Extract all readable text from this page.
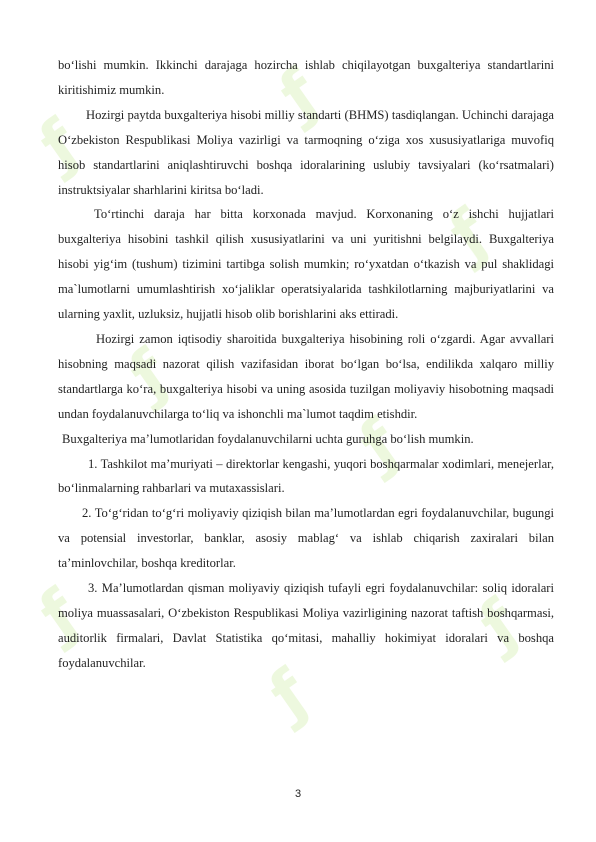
ƒ
ƒ
ƒ
ƒ
ƒ
ƒ
ƒ
ƒ

bo‘lishi mumkin. Ikkinchi darajaga hozircha ishlab chiqilayotgan buxgalteriya standartlarini kiritishimiz mumkin.

Hozirgi paytda buxgalteriya hisobi milliy standarti (BHMS) tasdiqlangan. Uchinchi darajaga O‘zbekiston Respublikasi Moliya vazirligi va tarmoqning o‘ziga xos xususiyatlariga muvofiq hisob standartlarini aniqlashtiruvchi boshqa idoralarining uslubiy tavsiyalari (ko‘rsatmalari) instruktsiyalar sharhlarini kiritsa bo‘ladi.

To‘rtinchi daraja har bitta korxonada mavjud. Korxonaning o‘z ishchi hujjatlari buxgalteriya hisobini tashkil qilish xususiyatlarini va uni yuritishni belgilaydi. Buxgalteriya hisobi yig‘im (tushum) tizimini tartibga solish mumkin; ro‘yxatdan o‘tkazish va pul shaklidagi ma`lumotlarni umumlashtirish xo‘jaliklar operatsiyalarida tashkilotlarning majburiyatlarini va ularning yaxlit, uzluksiz, hujjatli hisob olib borishlarini aks ettiradi.

Hozirgi zamon iqtisodiy sharoitida buxgalteriya hisobining roli o‘zgardi. Agar avvallari hisobning maqsadi nazorat qilish vazifasidan iborat bo‘lgan bo‘lsa, endilikda xalqaro milliy standartlarga ko‘ra, buxgalteriya hisobi va uning asosida tuzilgan moliyaviy hisobotning maqsadi undan foydalanuvchilarga to‘liq va ishonchli ma`lumot taqdim etishdir.

Buxgalteriya ma’lumotlaridan foydalanuvchilarni uchta guruhga bo‘lish mumkin.

1. Tashkilot ma’muriyati – direktorlar kengashi, yuqori boshqarmalar xodimlari, menejerlar, bo‘linmalarning rahbarlari va mutaxassislari.

2. To‘g‘ridan to‘g‘ri moliyaviy qiziqish bilan ma’lumotlardan egri foydalanuvchilar, bugungi va potensial investorlar, banklar, asosiy mablag‘ va ishlab chiqarish zaxiralari bilan ta’minlovchilar, boshqa kreditorlar.

3. Ma’lumotlardan qisman moliyaviy qiziqish tufayli egri foydalanuvchilar: soliq idoralari moliya muassasalari, O‘zbekiston Respublikasi Moliya vazirligining nazorat taftish boshqarmasi, auditorlik firmalari, Davlat Statistika qo‘mitasi, mahalliy hokimiyat idoralari va boshqa foydalanuvchilar.

3
